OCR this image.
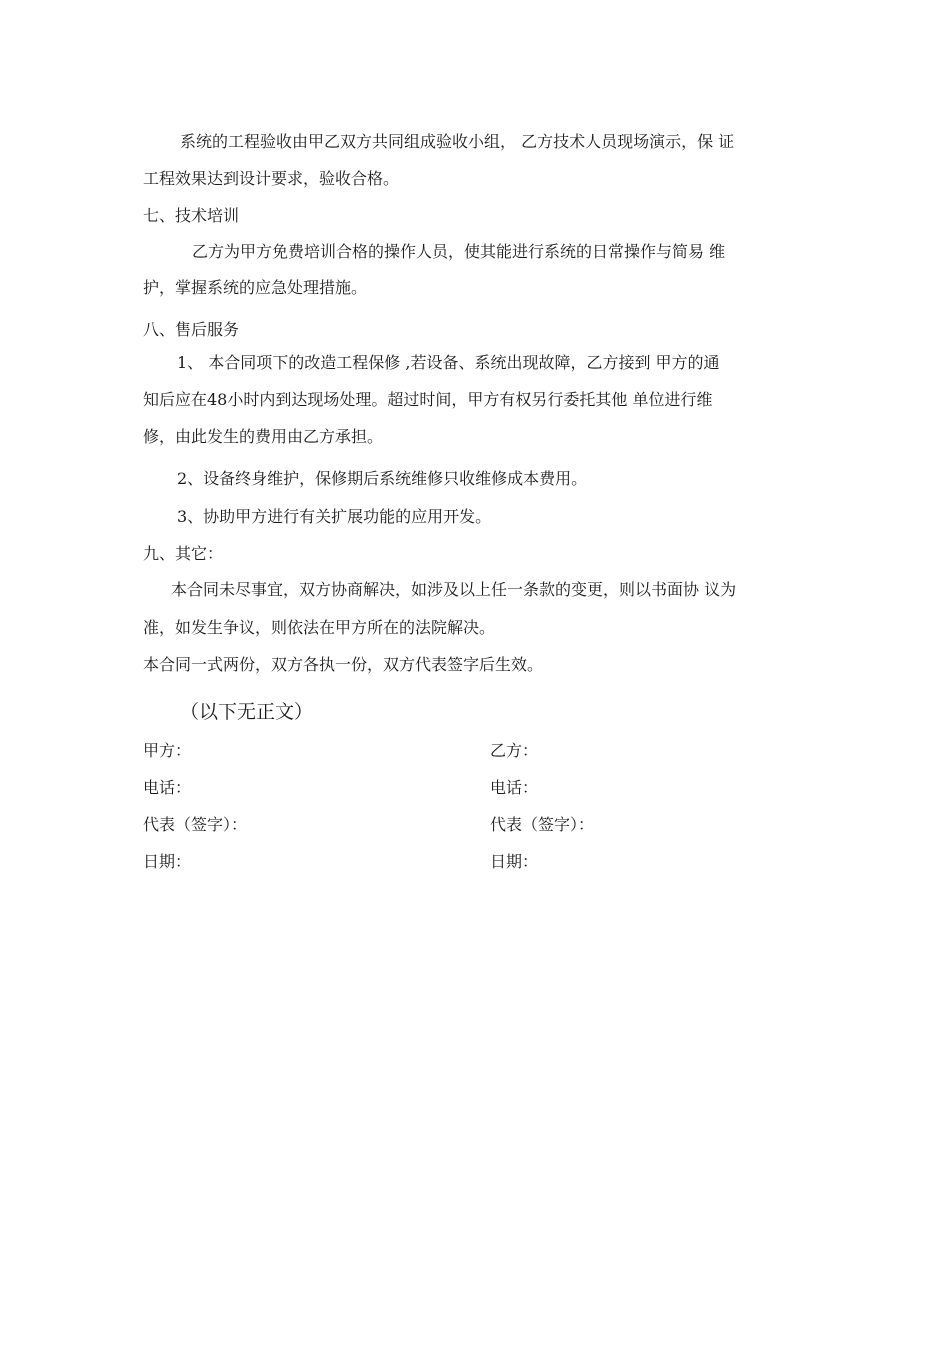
系统的工程验收由甲乙双方共同组成验收小组， 乙方技术人员现场演示，保 证
工程效果达到设计要求，验收合格。
七、技术培训
乙方为甲方免费培训合格的操作人员，使其能进行系统的日常操作与简易 维
护，掌握系统的应急处理措施。
八、售后服务
1、 本合同项下的改造工程保修 ,若设备、系统出现故障，乙方接到 甲方的通
知后应在48小时内到达现场处理。超过时间，甲方有权另行委托其他 单位进行维
修，由此发生的费用由乙方承担。
2、设备终身维护，保修期后系统维修只收维修成本费用。
3、协助甲方进行有关扩展功能的应用开发。
九、其它：
本合同未尽事宜，双方协商解决，如涉及以上任一条款的变更，则以书面协 议为
准，如发生争议，则依法在甲方所在的法院解决。
本合同一式两份，双方各执一份，双方代表签字后生效。
（以下无正文）
甲方：	乙方：
电话：	电话：
代表（签字）：	代表（签字）：
日期：	日期：
